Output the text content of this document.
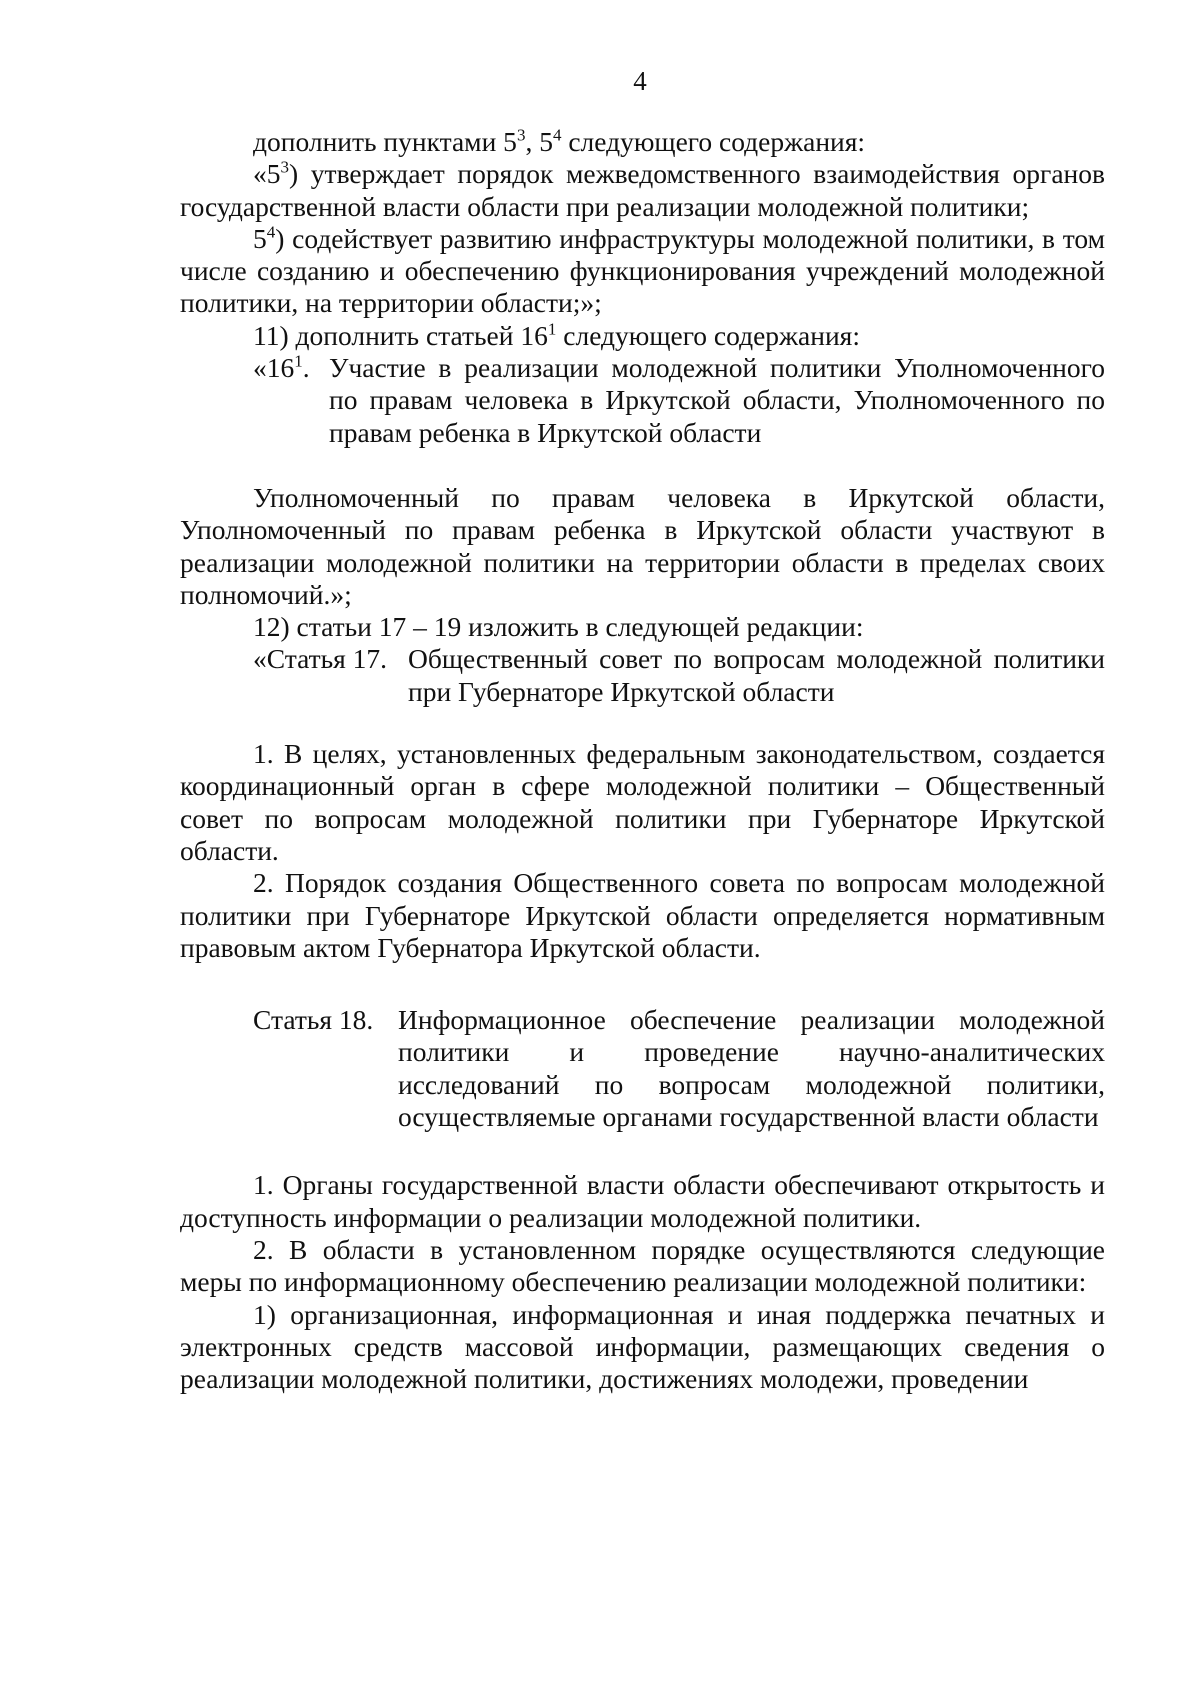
4

дополнить пунктами $5^3$, $5^4$ следующего содержания:

«$5^3$) утверждает порядок межведомственного взаимодействия органов государственной власти области при реализации молодежной политики;

$5^4$) содействует развитию инфраструктуры молодежной политики, в том числе созданию и обеспечению функционирования учреждений молодежной политики, на территории области;»;

11) дополнить статьей $16^1$ следующего содержания:

«$16^1$. Участие в реализации молодежной политики Уполномоченного по правам человека в Иркутской области, Уполномоченного по правам ребенка в Иркутской области

Уполномоченный по правам человека в Иркутской области, Уполномоченный по правам ребенка в Иркутской области участвуют в реализации молодежной политики на территории области в пределах своих полномочий.»;

12) статьи 17 – 19 изложить в следующей редакции:

«Статья 17. Общественный совет по вопросам молодежной политики при Губернаторе Иркутской области

1. В целях, установленных федеральным законодательством, создается координационный орган в сфере молодежной политики – Общественный совет по вопросам молодежной политики при Губернаторе Иркутской области.

2. Порядок создания Общественного совета по вопросам молодежной политики при Губернаторе Иркутской области определяется нормативным правовым актом Губернатора Иркутской области.

Статья 18. Информационное обеспечение реализации молодежной политики и проведение научно-аналитических исследований по вопросам молодежной политики, осуществляемые органами государственной власти области

1. Органы государственной власти области обеспечивают открытость и доступность информации о реализации молодежной политики.

2. В области в установленном порядке осуществляются следующие меры по информационному обеспечению реализации молодежной политики:

1) организационная, информационная и иная поддержка печатных и электронных средств массовой информации, размещающих сведения о реализации молодежной политики, достижениях молодежи, проведении
